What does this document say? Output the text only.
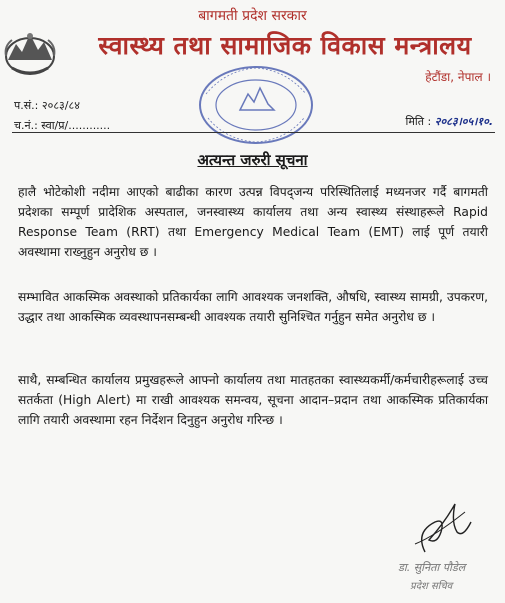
बागमती प्रदेश सरकार
स्वास्थ्य तथा सामाजिक विकास मन्त्रालय
हेटौंडा, नेपाल ।
प.सं.: २०८३/८४
च.नं.: स्वा/प्र/............	मिति : २०८३।०५।१०.
अत्यन्त जरुरी सूचना
हालै भोटेकोशी नदीमा आएको बाढीका कारण उत्पन्न विपद्जन्य परिस्थितिलाई मध्यनजर गर्दै बागमती प्रदेशका सम्पूर्ण प्रादेशिक अस्पताल, जनस्वास्थ्य कार्यालय तथा अन्य स्वास्थ्य संस्थाहरूले Rapid Response Team (RRT) तथा Emergency Medical Team (EMT) लाई पूर्ण तयारी अवस्थामा राख्नुहुन अनुरोध छ ।
सम्भावित आकस्मिक अवस्थाको प्रतिकार्यका लागि आवश्यक जनशक्ति, औषधि, स्वास्थ्य सामग्री, उपकरण, उद्धार तथा आकस्मिक व्यवस्थापनसम्बन्धी आवश्यक तयारी सुनिश्चित गर्नुहुन समेत अनुरोध छ ।
साथै, सम्बन्धित कार्यालय प्रमुखहरूले आफ्नो कार्यालय तथा मातहतका स्वास्थ्यकर्मी/कर्मचारीहरूलाई उच्च सतर्कता (High Alert) मा राखी आवश्यक समन्वय, सूचना आदान–प्रदान तथा आकस्मिक प्रतिकार्यका लागि तयारी अवस्थामा रहन निर्देशन दिनुहुन अनुरोध गरिन्छ ।
डा. सुनिता पौडेल
प्रदेश सचिव
